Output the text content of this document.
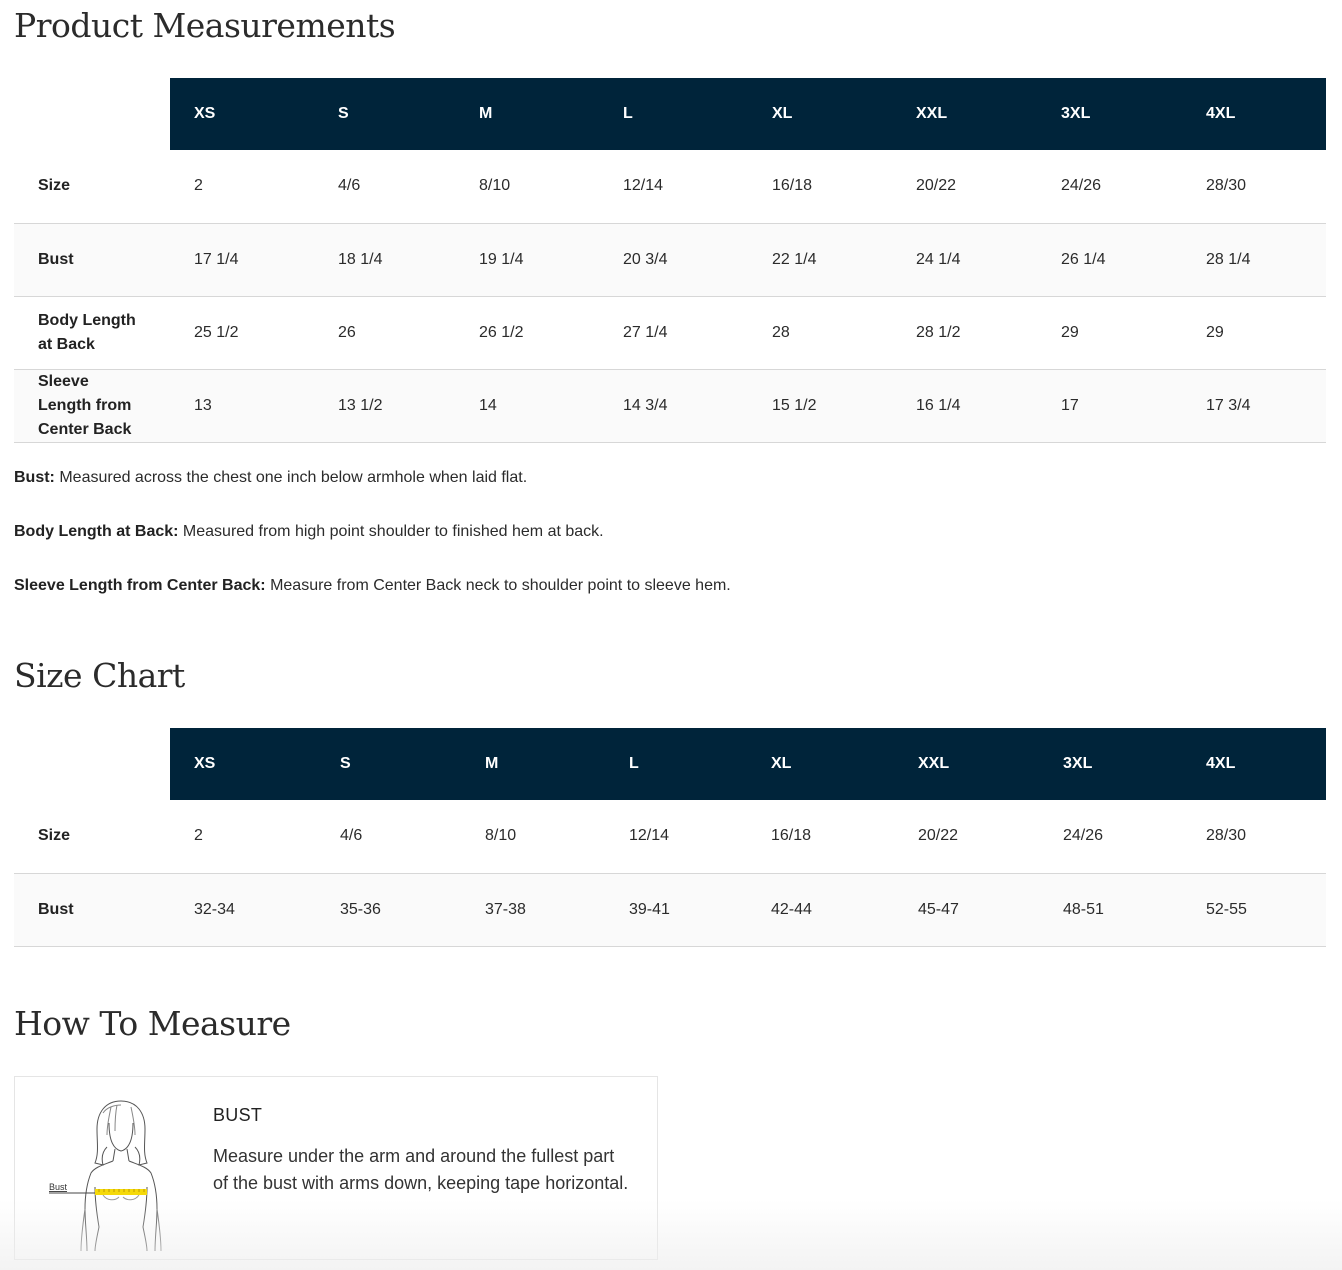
Product Measurements
	XS	S	M	L	XL	XXL	3XL	4XL
Size	2	4/6	8/10	12/14	16/18	20/22	24/26	28/30
Bust	17 1/4	18 1/4	19 1/4	20 3/4	22 1/4	24 1/4	26 1/4	28 1/4
Body Length at Back	25 1/2	26	26 1/2	27 1/4	28	28 1/2	29	29
Sleeve Length from Center Back	13	13 1/2	14	14 3/4	15 1/2	16 1/4	17	17 3/4

Bust: Measured across the chest one inch below armhole when laid flat.

Body Length at Back: Measured from high point shoulder to finished hem at back.

Sleeve Length from Center Back: Measure from Center Back neck to shoulder point to sleeve hem.

Size Chart
	XS	S	M	L	XL	XXL	3XL	4XL
Size	2	4/6	8/10	12/14	16/18	20/22	24/26	28/30
Bust	32-34	35-36	37-38	39-41	42-44	45-47	48-51	52-55
How To Measure
Bust
BUST

Measure under the arm and around the fullest part of the bust with arms down, keeping tape horizontal.
